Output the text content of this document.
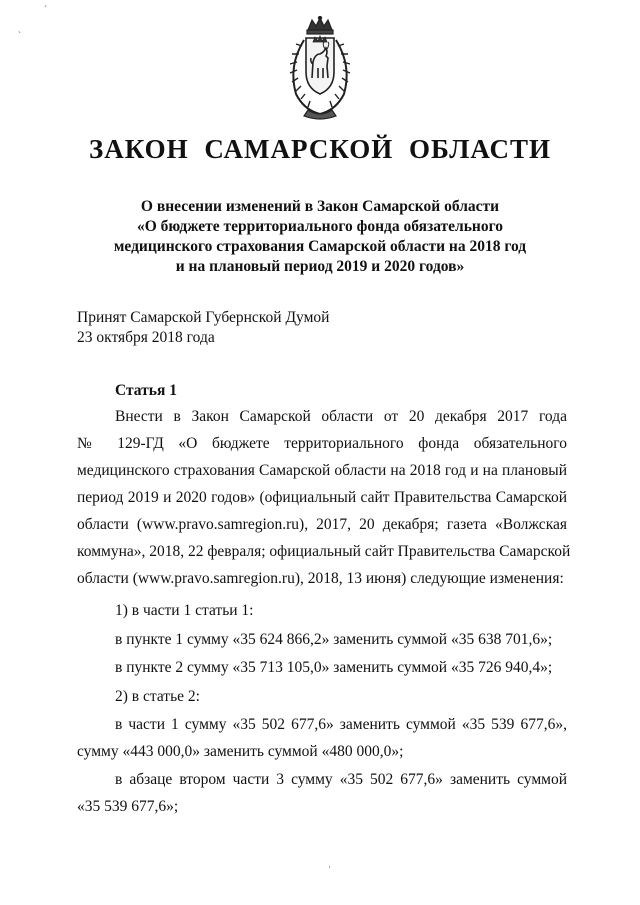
ˊ
ˋ
ЗАКОН САМАРСКОЙ ОБЛАСТИ
О внесении изменений в Закон Самарской области
«О бюджете территориального фонда обязательного
медицинского страхования Самарской области на 2018 год
и на плановый период 2019 и 2020 годов»
Принят Самарской Губернской Думой
23 октября 2018 года
Статья 1
Внести в Закон Самарской области от 20 декабря 2017 года
№ 129-ГД «О бюджете территориального фонда обязательного
медицинского страхования Самарской области на 2018 год и на плановый
период 2019 и 2020 годов» (официальный сайт Правительства Самарской
области (www.pravo.samregion.ru), 2017, 20 декабря; газета «Волжская
коммуна», 2018, 22 февраля; официальный сайт Правительства Самарской
области (www.pravo.samregion.ru), 2018, 13 июня) следующие изменения:
1) в части 1 статьи 1:
в пункте 1 сумму «35 624 866,2» заменить суммой «35 638 701,6»;
в пункте 2 сумму «35 713 105,0» заменить суммой «35 726 940,4»;
2) в статье 2:
в части 1 сумму «35 502 677,6» заменить суммой «35 539 677,6»,
сумму «443 000,0» заменить суммой «480 000,0»;
в абзаце втором части 3 сумму «35 502 677,6» заменить суммой
«35 539 677,6»;
·
